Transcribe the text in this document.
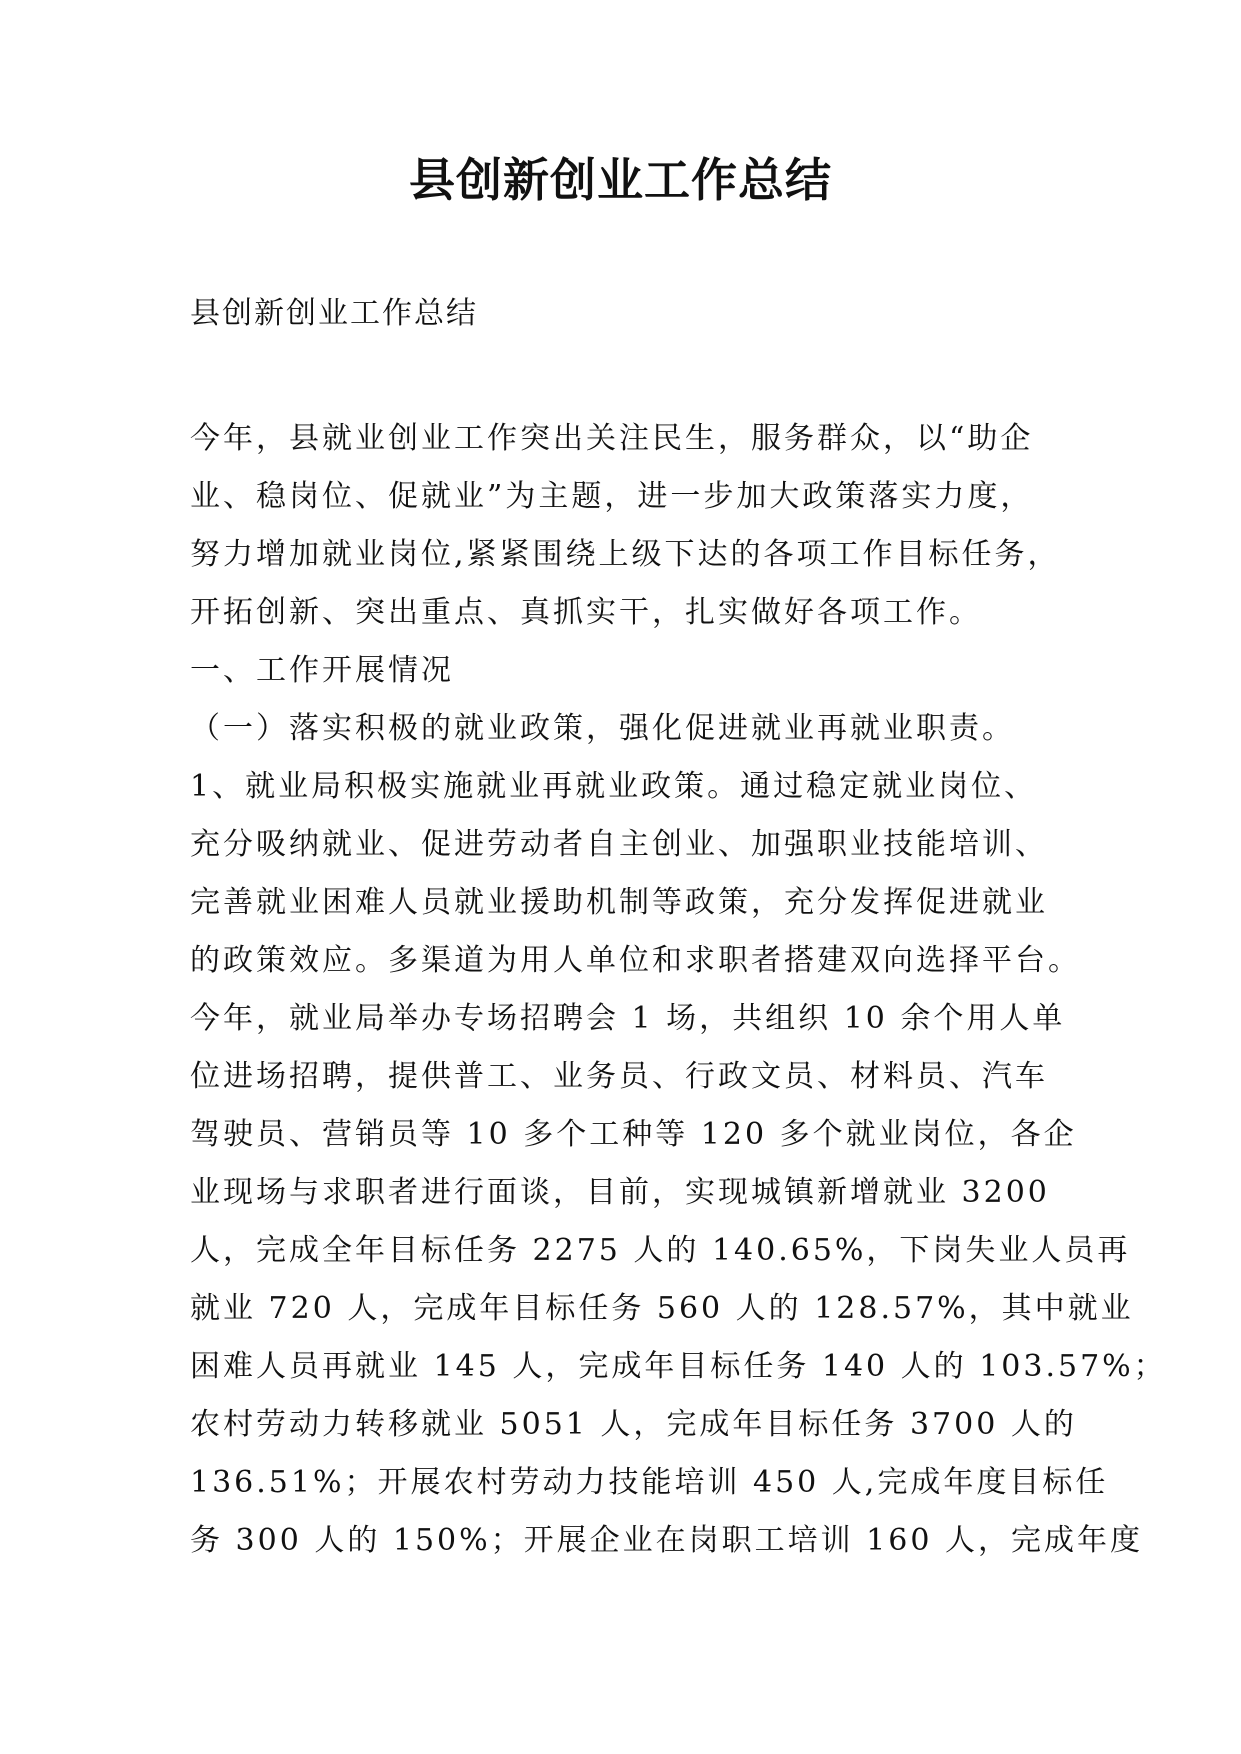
县创新创业工作总结

县创新创业工作总结

今年，县就业创业工作突出关注民生，服务群众，以“助企
业、稳岗位、促就业”为主题，进一步加大政策落实力度，
努力增加就业岗位,紧紧围绕上级下达的各项工作目标任务，
开拓创新、突出重点、真抓实干，扎实做好各项工作。
一、工作开展情况
（一）落实积极的就业政策，强化促进就业再就业职责。
1、就业局积极实施就业再就业政策。通过稳定就业岗位、
充分吸纳就业、促进劳动者自主创业、加强职业技能培训、
完善就业困难人员就业援助机制等政策，充分发挥促进就业
的政策效应。多渠道为用人单位和求职者搭建双向选择平台。
今年，就业局举办专场招聘会 1 场，共组织 10 余个用人单
位进场招聘，提供普工、业务员、行政文员、材料员、汽车
驾驶员、营销员等 10 多个工种等 120 多个就业岗位，各企
业现场与求职者进行面谈，目前，实现城镇新增就业 3200
人，完成全年目标任务 2275 人的 140.65%，下岗失业人员再
就业 720 人，完成年目标任务 560 人的 128.57%，其中就业
困难人员再就业 145 人，完成年目标任务 140 人的 103.57%；
农村劳动力转移就业 5051 人，完成年目标任务 3700 人的
136.51%；开展农村劳动力技能培训 450 人,完成年度目标任
务 300 人的 150%；开展企业在岗职工培训 160 人，完成年度
